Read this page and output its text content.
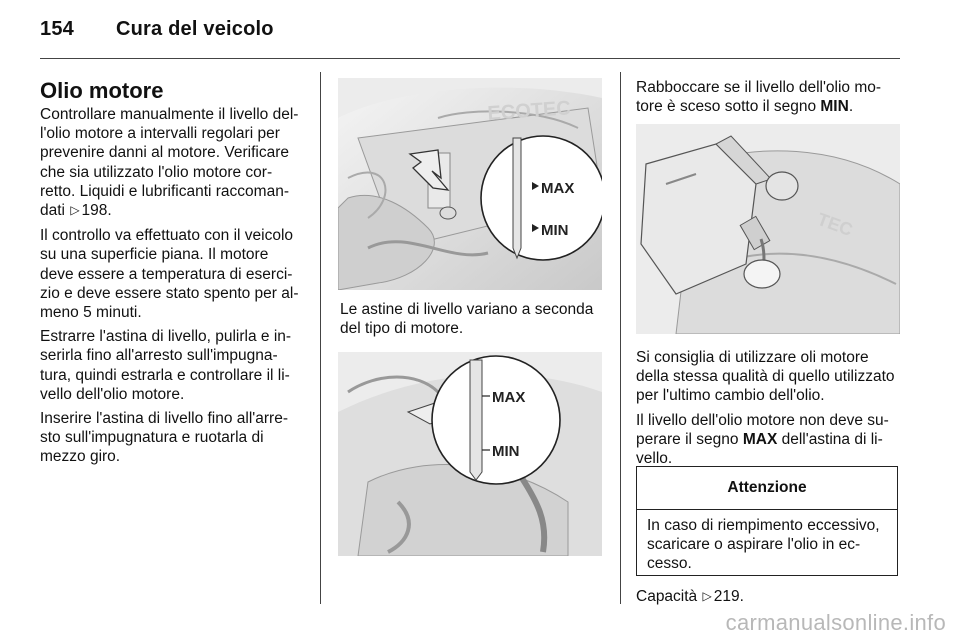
154 Cura del veicolo
Olio motore

Controllare manualmente il livello del-
l'olio motore a intervalli regolari per
prevenire danni al motore. Verificare
che sia utilizzato l'olio motore cor-
retto. Liquidi e lubrificanti raccoman-
dati ▷ 198.

Il controllo va effettuato con il veicolo
su una superficie piana. Il motore
deve essere a temperatura di eserci-
zio e deve essere stato spento per al-
meno 5 minuti.

Estrarre l'astina di livello, pulirla e in-
serirla fino all'arresto sull'impugna-
tura, quindi estrarla e controllare il li-
vello dell'olio motore.

Inserire l'astina di livello fino all'arre-
sto sull'impugnatura e ruotarla di
mezzo giro.

ECOTEC
MAX
MIN
Le astine di livello variano a seconda
del tipo di motore.
MAX
MIN

Rabboccare se il livello dell'olio mo-
tore è sceso sotto il segno MIN.

TEC

Si consiglia di utilizzare oli motore
della stessa qualità di quello utilizzato
per l'ultimo cambio dell'olio.

Il livello dell'olio motore non deve su-
perare il segno MAX dell'astina di li-
vello.

Attenzione
In caso di riempimento eccessivo,
scaricare o aspirare l'olio in ec-
cesso.
Capacità ▷ 219.
carmanualsonline.info
